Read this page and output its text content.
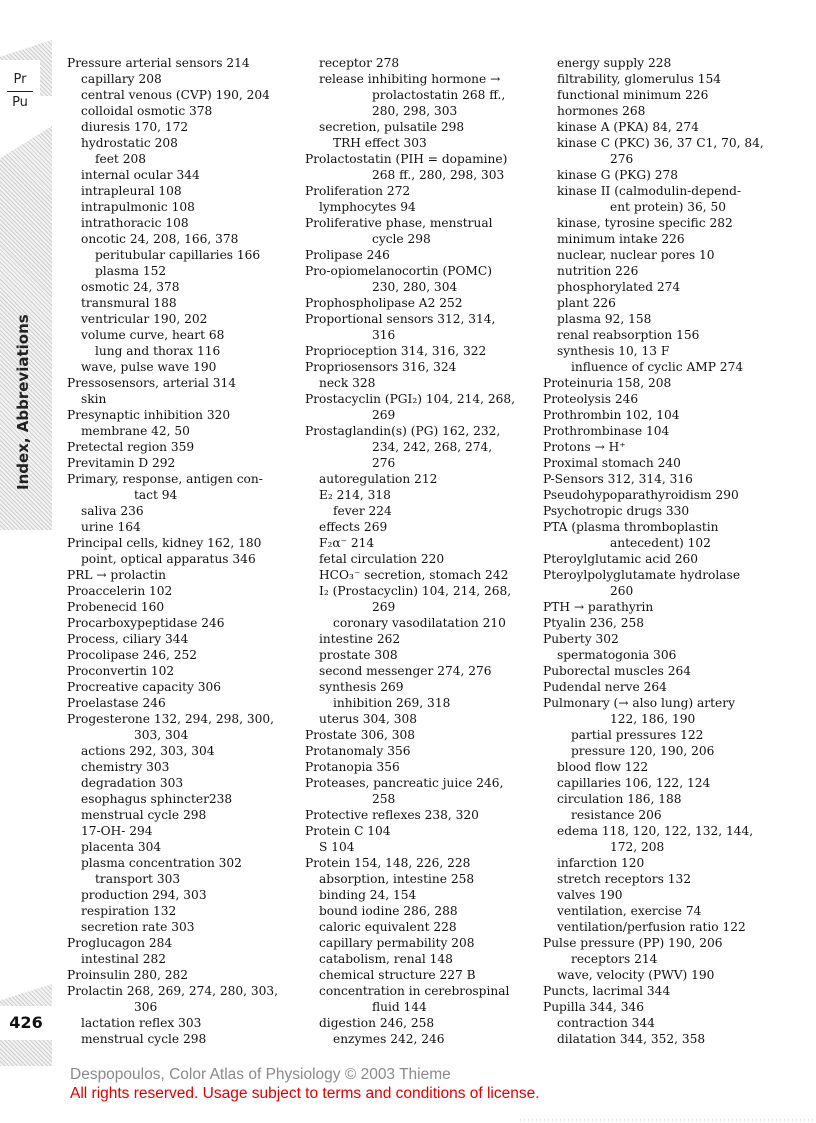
Pr
Pu
Index, Abbreviations
426
Pressure arterial sensors 214
capillary 208
central venous (CVP) 190, 204
colloidal osmotic 378
diuresis 170, 172
hydrostatic 208
feet 208
internal ocular 344
intrapleural 108
intrapulmonic 108
intrathoracic 108
oncotic 24, 208, 166, 378
peritubular capillaries 166
plasma 152
osmotic 24, 378
transmural 188
ventricular 190, 202
volume curve, heart 68
lung and thorax 116
wave, pulse wave 190
Pressosensors, arterial 314
skin
Presynaptic inhibition 320
membrane 42, 50
Pretectal region 359
Previtamin D 292
Primary, response, antigen con-
tact 94
saliva 236
urine 164
Principal cells, kidney 162, 180
point, optical apparatus 346
PRL → prolactin
Proaccelerin 102
Probenecid 160
Procarboxypeptidase 246
Process, ciliary 344
Procolipase 246, 252
Proconvertin 102
Procreative capacity 306
Proelastase 246
Progesterone 132, 294, 298, 300,
303, 304
actions 292, 303, 304
chemistry 303
degradation 303
esophagus sphincter238
menstrual cycle 298
17-OH- 294
placenta 304
plasma concentration 302
transport 303
production 294, 303
respiration 132
secretion rate 303
Proglucagon 284
intestinal 282
Proinsulin 280, 282
Prolactin 268, 269, 274, 280, 303,
306
lactation reflex 303
menstrual cycle 298
receptor 278
release inhibiting hormone →
prolactostatin 268 ff.,
280, 298, 303
secretion, pulsatile 298
TRH effect 303
Prolactostatin (PIH = dopamine)
268 ff., 280, 298, 303
Proliferation 272
lymphocytes 94
Proliferative phase, menstrual
cycle 298
Prolipase 246
Pro-opiomelanocortin (POMC)
230, 280, 304
Prophospholipase A2 252
Proportional sensors 312, 314,
316
Proprioception 314, 316, 322
Propriosensors 316, 324
neck 328
Prostacyclin (PGI₂) 104, 214, 268,
269
Prostaglandin(s) (PG) 162, 232,
234, 242, 268, 274,
276
autoregulation 212
E₂ 214, 318
fever 224
effects 269
F₂α⁻ 214
fetal circulation 220
HCO₃⁻ secretion, stomach 242
I₂ (Prostacyclin) 104, 214, 268,
269
coronary vasodilatation 210
intestine 262
prostate 308
second messenger 274, 276
synthesis 269
inhibition 269, 318
uterus 304, 308
Prostate 306, 308
Protanomaly 356
Protanopia 356
Proteases, pancreatic juice 246,
258
Protective reflexes 238, 320
Protein C 104
S 104
Protein 154, 148, 226, 228
absorption, intestine 258
binding 24, 154
bound iodine 286, 288
caloric equivalent 228
capillary permability 208
catabolism, renal 148
chemical structure 227 B
concentration in cerebrospinal
fluid 144
digestion 246, 258
enzymes 242, 246
energy supply 228
filtrability, glomerulus 154
functional minimum 226
hormones 268
kinase A (PKA) 84, 274
kinase C (PKC) 36, 37 C1, 70, 84,
276
kinase G (PKG) 278
kinase II (calmodulin-depend-
ent protein) 36, 50
kinase, tyrosine specific 282
minimum intake 226
nuclear, nuclear pores 10
nutrition 226
phosphorylated 274
plant 226
plasma 92, 158
renal reabsorption 156
synthesis 10, 13 F
influence of cyclic AMP 274
Proteinuria 158, 208
Proteolysis 246
Prothrombin 102, 104
Prothrombinase 104
Protons → H⁺
Proximal stomach 240
P-Sensors 312, 314, 316
Pseudohypoparathyroidism 290
Psychotropic drugs 330
PTA (plasma thromboplastin
antecedent) 102
Pteroylglutamic acid 260
Pteroylpolyglutamate hydrolase
260
PTH → parathyrin
Ptyalin 236, 258
Puberty 302
spermatogonia 306
Puborectal muscles 264
Pudendal nerve 264
Pulmonary (→ also lung) artery
122, 186, 190
partial pressures 122
pressure 120, 190, 206
blood flow 122
capillaries 106, 122, 124
circulation 186, 188
resistance 206
edema 118, 120, 122, 132, 144,
172, 208
infarction 120
stretch receptors 132
valves 190
ventilation, exercise 74
ventilation/perfusion ratio 122
Pulse pressure (PP) 190, 206
receptors 214
wave, velocity (PWV) 190
Puncts, lacrimal 344
Pupilla 344, 346
contraction 344
dilatation 344, 352, 358
Despopoulos, Color Atlas of Physiology © 2003 Thieme
All rights reserved. Usage subject to terms and conditions of license.
